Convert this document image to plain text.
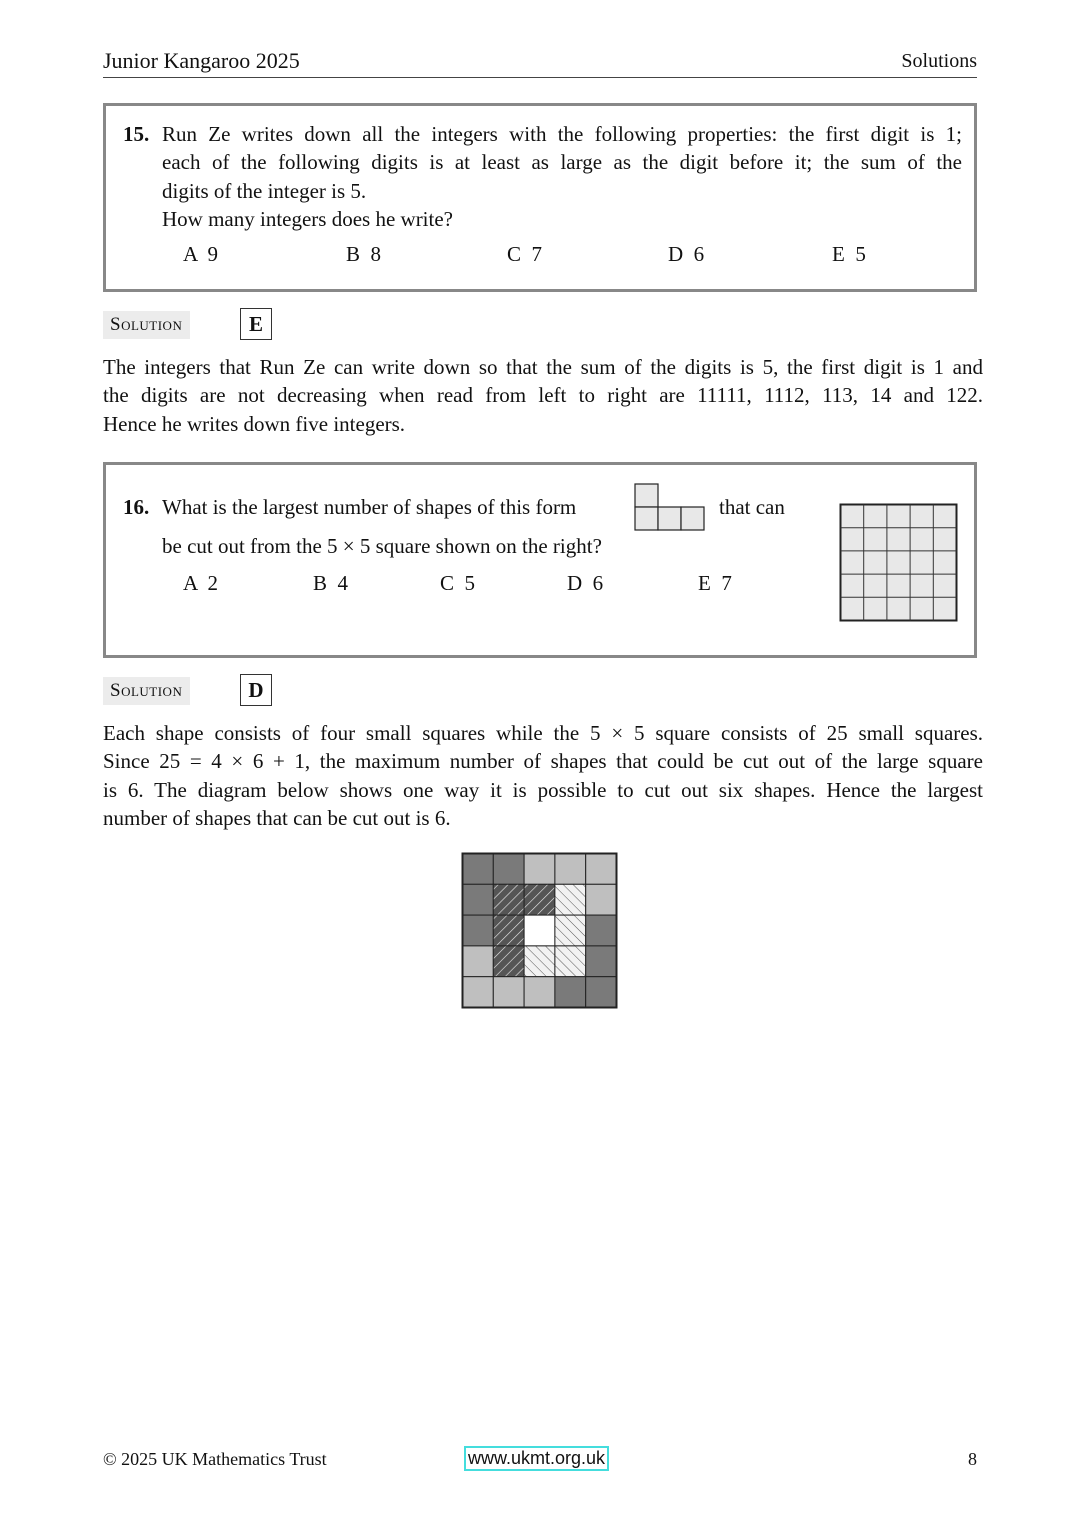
Junior Kangaroo 2025	Solutions
15. Run Ze writes down all the integers with the following properties: the first digit is 1;
each of the following digits is at least as large as the digit before it; the sum of the
digits of the integer is 5.
How many integers does he write?
A  9	B  8	C  7	D  6	E  5
Solution	E
The integers that Run Ze can write down so that the sum of the digits is 5, the first digit is 1 and
the digits are not decreasing when read from left to right are 11111, 1112, 113, 14 and 122.
Hence he writes down five integers.
16. What is the largest number of shapes of this form	that can
be cut out from the 5 × 5 square shown on the right?
A  2	B  4	C  5	D  6	E  7
Solution	D
Each shape consists of four small squares while the 5 × 5 square consists of 25 small squares.
Since 25 = 4 × 6 + 1, the maximum number of shapes that could be cut out of the large square
is 6. The diagram below shows one way it is possible to cut out six shapes. Hence the largest
number of shapes that can be cut out is 6.
© 2025 UK Mathematics Trust	www.ukmt.org.uk	8
